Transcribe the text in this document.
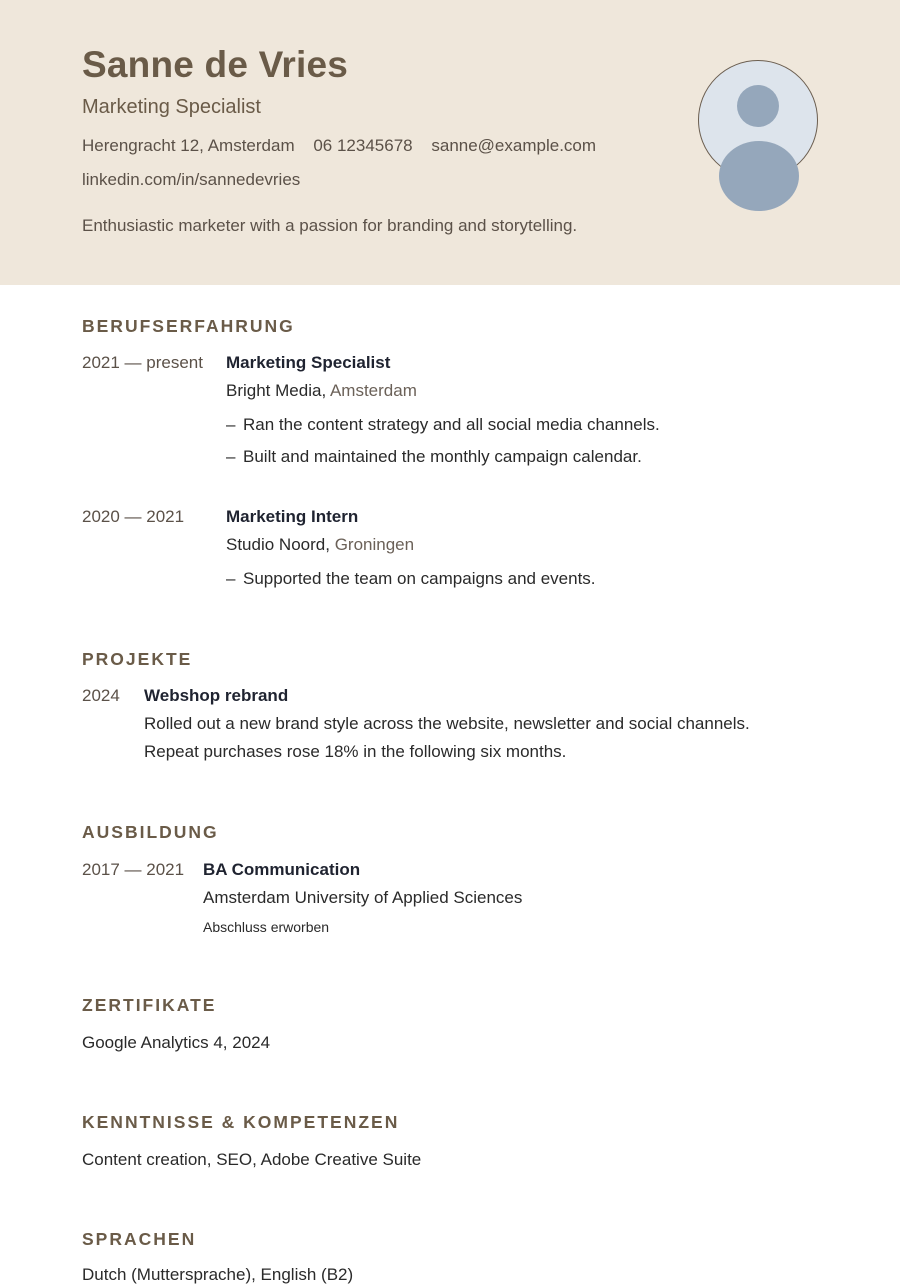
Sanne de Vries
Marketing Specialist
Herengracht 12, Amsterdam 06 12345678 sanne@example.com
linkedin.com/in/sannedevries
Enthusiastic marketer with a passion for branding and storytelling.
BERUFSERFAHRUNG
2021 — present Marketing Specialist
Bright Media, Amsterdam
– Ran the content strategy and all social media channels.
– Built and maintained the monthly campaign calendar.
2020 — 2021 Marketing Intern
Studio Noord, Groningen
– Supported the team on campaigns and events.
PROJEKTE
2024 Webshop rebrand
Rolled out a new brand style across the website, newsletter and social channels.
Repeat purchases rose 18% in the following six months.
AUSBILDUNG
2017 — 2021 BA Communication
Amsterdam University of Applied Sciences
Abschluss erworben
ZERTIFIKATE
Google Analytics 4, 2024
KENNTNISSE & KOMPETENZEN
Content creation, SEO, Adobe Creative Suite
SPRACHEN
Dutch (Muttersprache), English (B2)
